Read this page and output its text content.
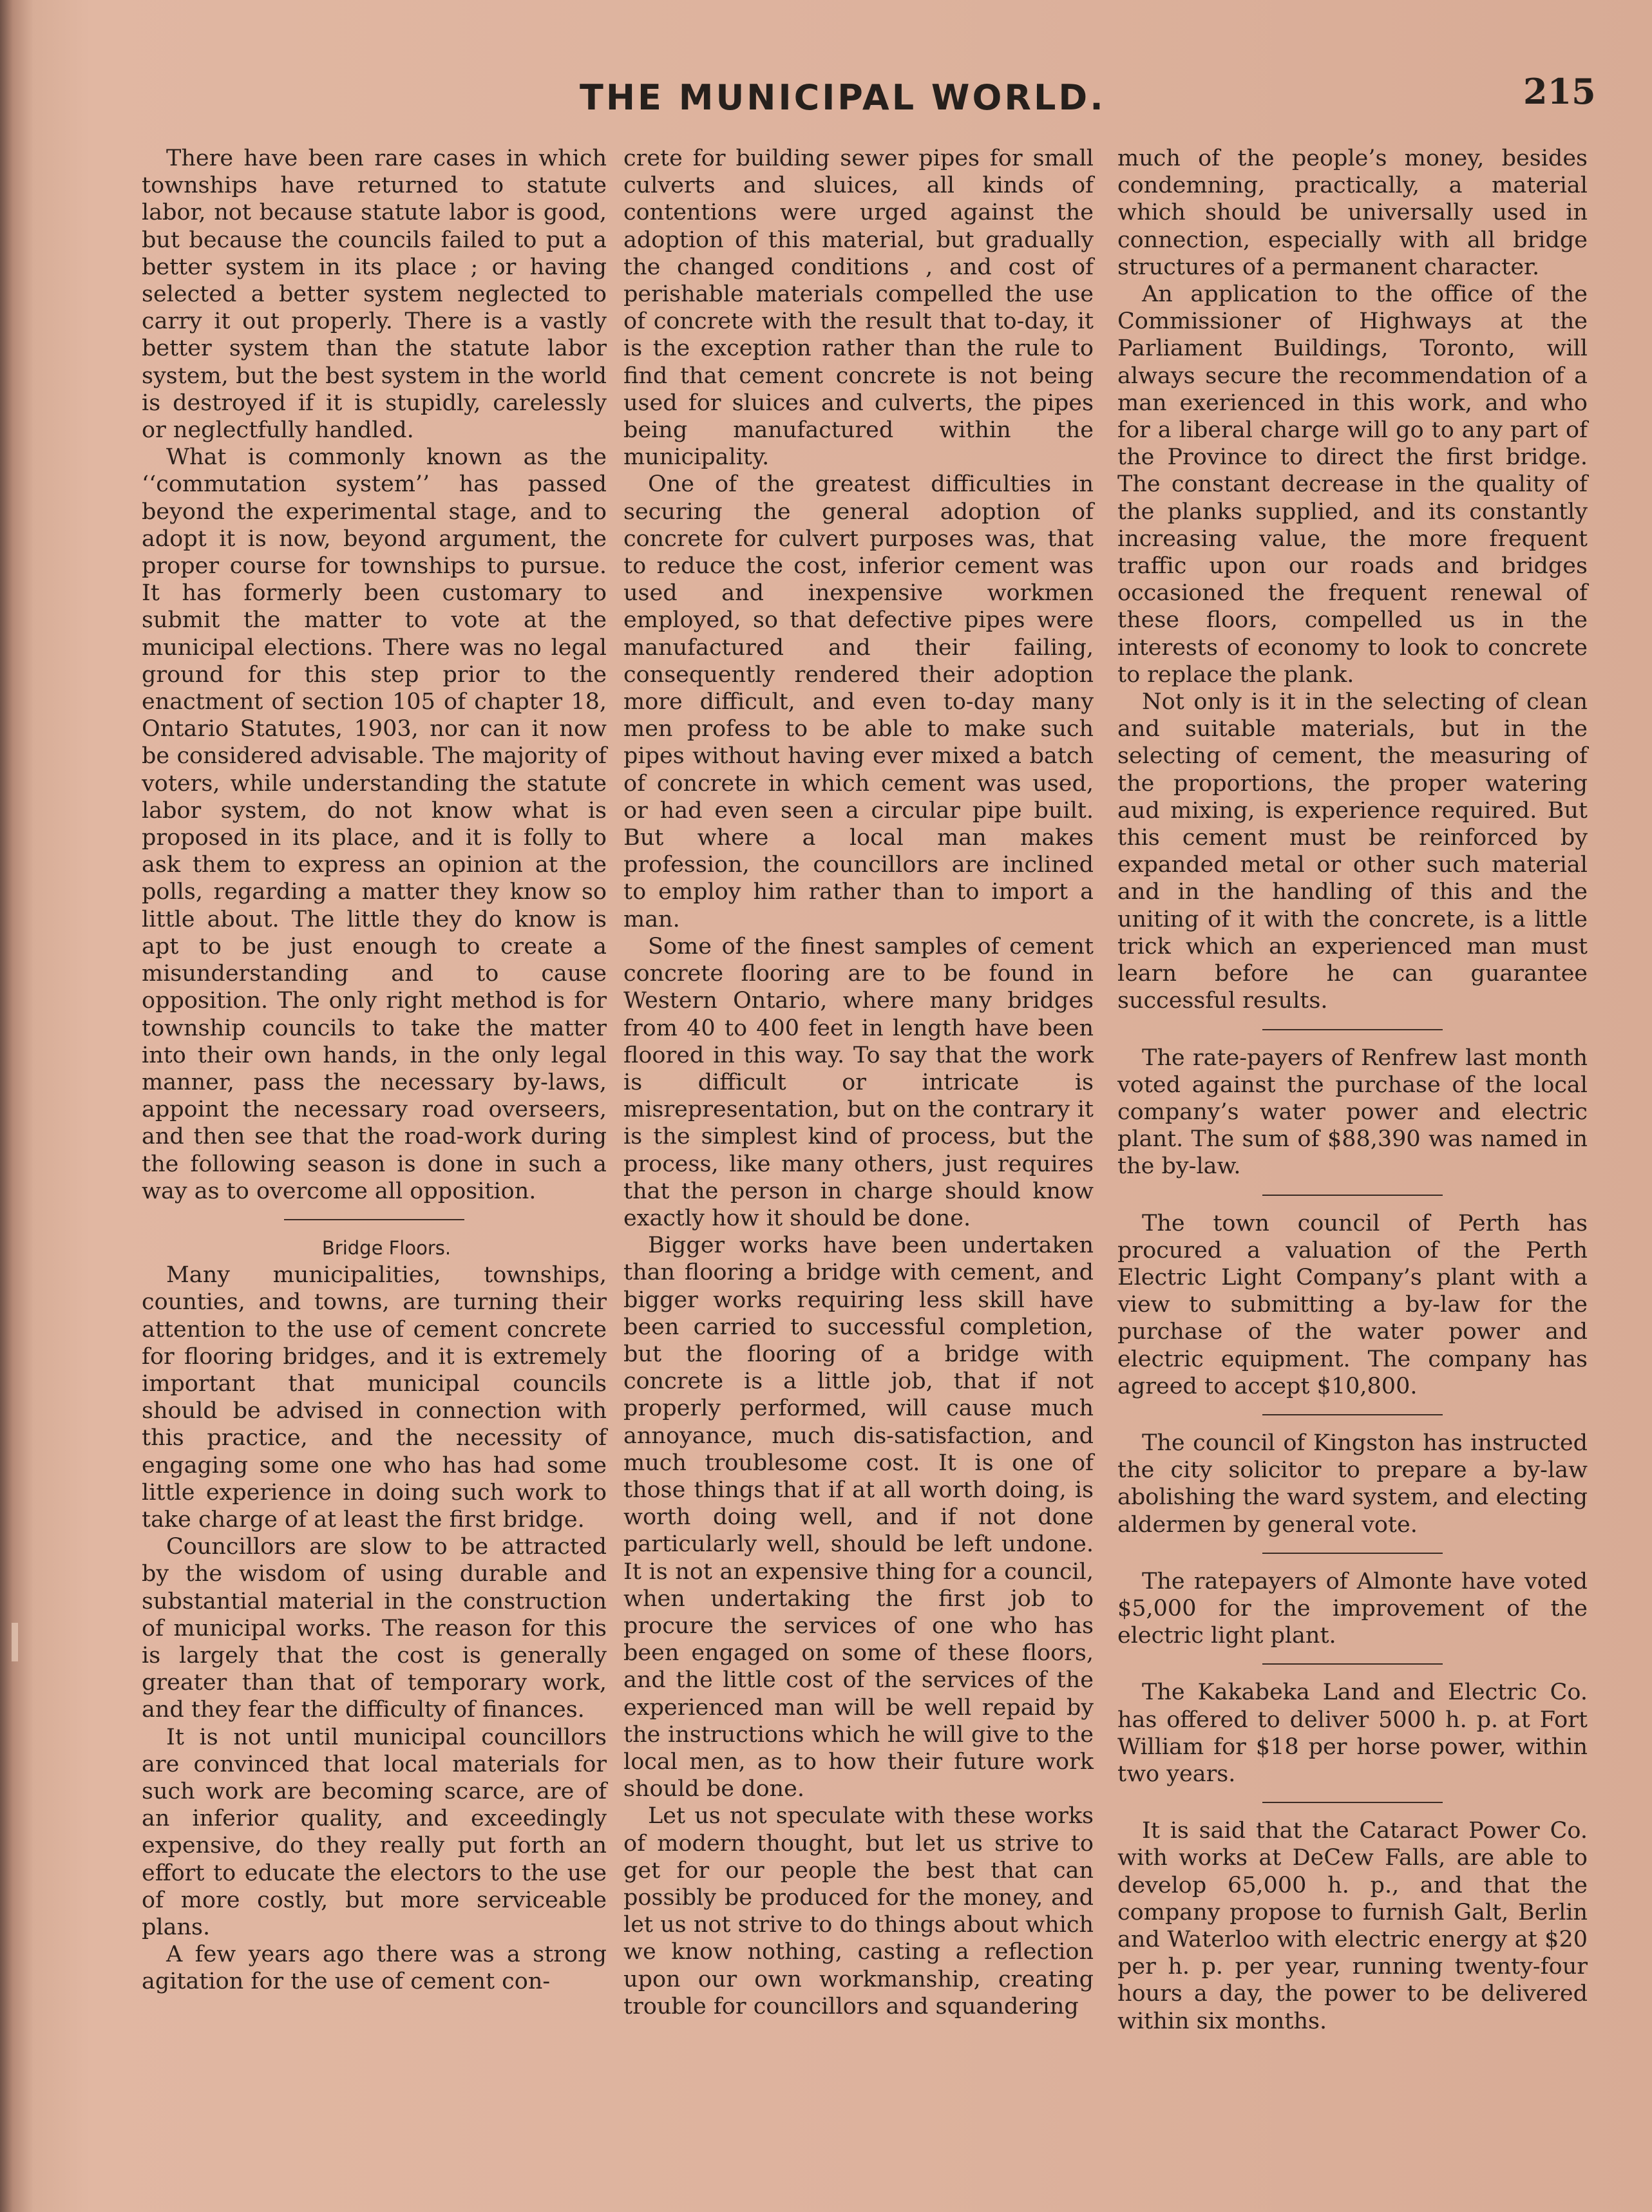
THE MUNICIPAL WORLD.	215

There have been rare cases in which townships have returned to statute labor, not because statute labor is good, but because the councils failed to put a better system in its place ; or having selected a better system neglected to carry it out properly. There is a vastly better system than the statute labor system, but the best system in the world is destroyed if it is stupidly, carelessly or neglectfully handled.

What is commonly known as the ‘‘commutation system’’ has passed beyond the experimental stage, and to adopt it is now, beyond argument, the proper course for townships to pursue. It has formerly been customary to submit the matter to vote at the municipal elections. There was no legal ground for this step prior to the enactment of section 105 of chapter 18, Ontario Statutes, 1903, nor can it now be considered advisable. The majority of voters, while understanding the statute labor system, do not know what is proposed in its place, and it is folly to ask them to express an opinion at the polls, regarding a matter they know so little about. The little they do know is apt to be just enough to create a misunderstanding and to cause opposition. The only right method is for township councils to take the matter into their own hands, in the only legal manner, pass the necessary by-laws, appoint the necessary road overseers, and then see that the road-work during the following season is done in such a way as to overcome all opposition.

Bridge Floors.

Many municipalities, townships, counties, and towns, are turning their attention to the use of cement concrete for flooring bridges, and it is extremely important that municipal councils should be advised in connection with this practice, and the necessity of engaging some one who has had some little experience in doing such work to take charge of at least the first bridge.

Councillors are slow to be attracted by the wisdom of using durable and substantial material in the construction of municipal works. The reason for this is largely that the cost is generally greater than that of temporary work, and they fear the difficulty of finances.

It is not until municipal councillors are convinced that local materials for such work are becoming scarce, are of an inferior quality, and exceedingly expensive, do they really put forth an effort to educate the electors to the use of more costly, but more serviceable plans.

A few years ago there was a strong agitation for the use of cement con-

crete for building sewer pipes for small culverts and sluices, all kinds of contentions were urged against the adoption of this material, but gradually the changed conditions , and cost of perishable materials compelled the use of concrete with the result that to-day, it is the exception rather than the rule to find that cement concrete is not being used for sluices and culverts, the pipes being manufactured within the municipality.

One of the greatest difficulties in securing the general adoption of concrete for culvert purposes was, that to reduce the cost, inferior cement was used and inexpensive workmen employed, so that defective pipes were manufactured and their failing, consequently rendered their adoption more difficult, and even to-day many men profess to be able to make such pipes without having ever mixed a batch of concrete in which cement was used, or had even seen a circular pipe built. But where a local man makes profession, the councillors are inclined to employ him rather than to import a man.

Some of the finest samples of cement concrete flooring are to be found in Western Ontario, where many bridges from 40 to 400 feet in length have been floored in this way. To say that the work is difficult or intricate is misrepresentation, but on the contrary it is the simplest kind of process, but the process, like many others, just requires that the person in charge should know exactly how it should be done.

Bigger works have been undertaken than flooring a bridge with cement, and bigger works requiring less skill have been carried to successful completion, but the flooring of a bridge with concrete is a little job, that if not properly performed, will cause much annoyance, much dis-satisfaction, and much troublesome cost. It is one of those things that if at all worth doing, is worth doing well, and if not done particularly well, should be left undone. It is not an expensive thing for a council, when undertaking the first job to procure the services of one who has been engaged on some of these floors, and the little cost of the services of the experienced man will be well repaid by the instructions which he will give to the local men, as to how their future work should be done.

Let us not speculate with these works of modern thought, but let us strive to get for our people the best that can possibly be produced for the money, and let us not strive to do things about which we know nothing, casting a reflection upon our own workmanship, creating trouble for councillors and squandering

much of the people’s money, besides condemning, practically, a material which should be universally used in connection, especially with all bridge structures of a permanent character.

An application to the office of the Commissioner of Highways at the Parliament Buildings, Toronto, will always secure the recommendation of a man exerienced in this work, and who for a liberal charge will go to any part of the Province to direct the first bridge. The constant decrease in the quality of the planks supplied, and its constantly increasing value, the more frequent traffic upon our roads and bridges occasioned the frequent renewal of these floors, compelled us in the interests of economy to look to concrete to replace the plank.

Not only is it in the selecting of clean and suitable materials, but in the selecting of cement, the measuring of the proportions, the proper watering aud mixing, is experience required. But this cement must be reinforced by expanded metal or other such material and in the handling of this and the uniting of it with the concrete, is a little trick which an experienced man must learn before he can guarantee successful results.

The rate-payers of Renfrew last month voted against the purchase of the local company’s water power and electric plant. The sum of $88,390 was named in the by-law.

The town council of Perth has procured a valuation of the Perth Electric Light Company’s plant with a view to submitting a by-law for the purchase of the water power and electric equipment. The company has agreed to accept $10,800.

The council of Kingston has instructed the city solicitor to prepare a by-law abolishing the ward system, and electing aldermen by general vote.

The ratepayers of Almonte have voted $5,000 for the improvement of the electric light plant.

The Kakabeka Land and Electric Co. has offered to deliver 5000 h. p. at Fort William for $18 per horse power, within two years.

It is said that the Cataract Power Co. with works at DeCew Falls, are able to develop 65,000 h. p., and that the company propose to furnish Galt, Berlin and Waterloo with electric energy at $20 per h. p. per year, running twenty-four hours a day, the power to be delivered within six months.
